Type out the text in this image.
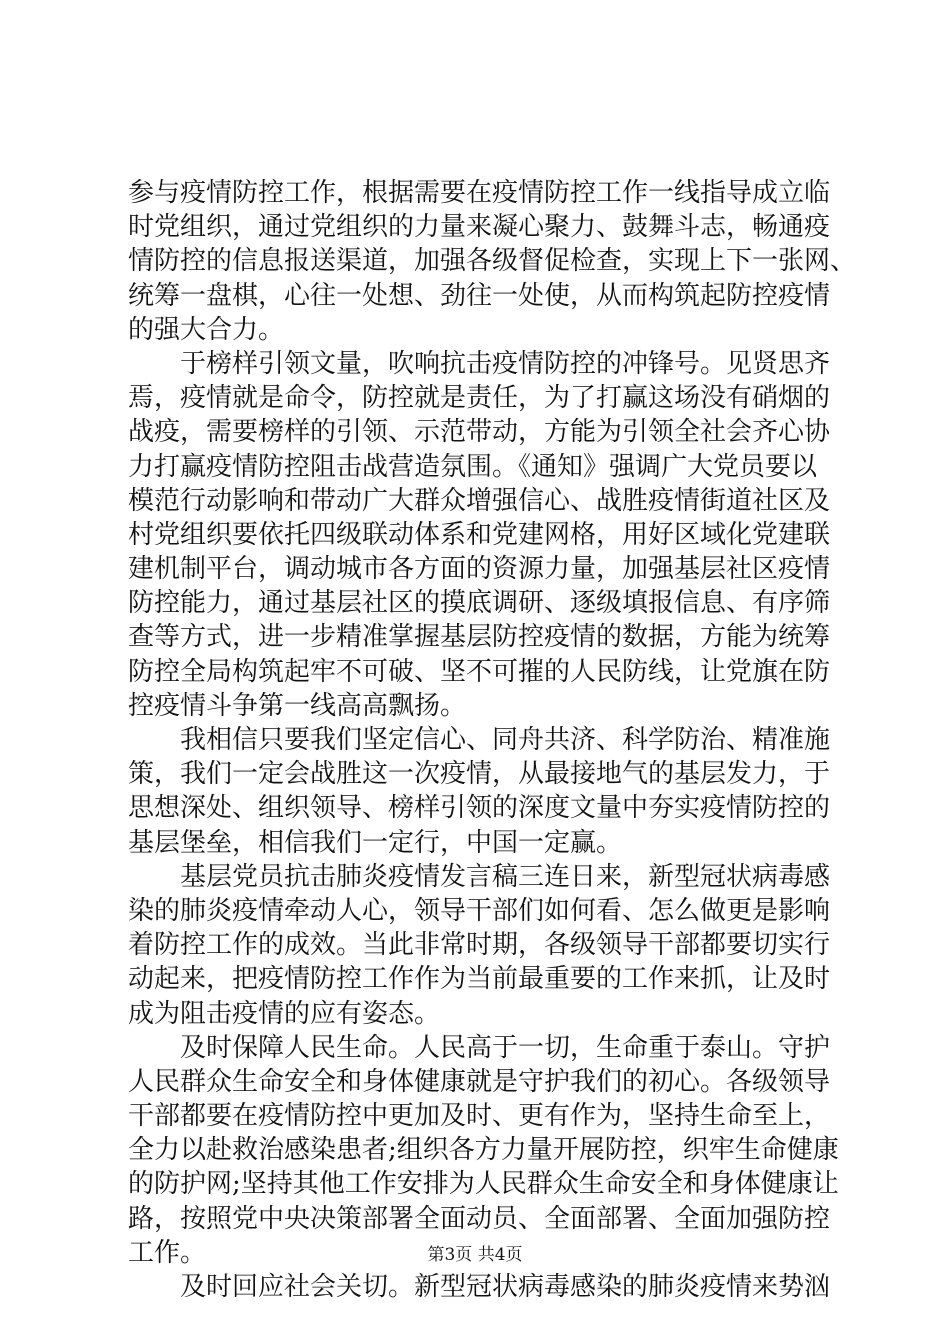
参与疫情防控工作，根据需要在疫情防控工作一线指导成立临
时党组织，通过党组织的力量来凝心聚力、鼓舞斗志，畅通疫
情防控的信息报送渠道，加强各级督促检查，实现上下一张网、
统筹一盘棋，心往一处想、劲往一处使，从而构筑起防控疫情
的强大合力。
于榜样引领文量，吹响抗击疫情防控的冲锋号。见贤思齐
焉，疫情就是命令，防控就是责任，为了打赢这场没有硝烟的
战疫，需要榜样的引领、示范带动，方能为引领全社会齐心协
力打赢疫情防控阻击战营造氛围。《通知》强调广大党员要以
模范行动影响和带动广大群众增强信心、战胜疫情街道社区及
村党组织要依托四级联动体系和党建网格，用好区域化党建联
建机制平台，调动城市各方面的资源力量，加强基层社区疫情
防控能力，通过基层社区的摸底调研、逐级填报信息、有序筛
查等方式，进一步精准掌握基层防控疫情的数据，方能为统筹
防控全局构筑起牢不可破、坚不可摧的人民防线，让党旗在防
控疫情斗争第一线高高飘扬。
我相信只要我们坚定信心、同舟共济、科学防治、精准施
策，我们一定会战胜这一次疫情，从最接地气的基层发力，于
思想深处、组织领导、榜样引领的深度文量中夯实疫情防控的
基层堡垒，相信我们一定行，中国一定赢。
基层党员抗击肺炎疫情发言稿三连日来，新型冠状病毒感
染的肺炎疫情牵动人心，领导干部们如何看、怎么做更是影响
着防控工作的成效。当此非常时期，各级领导干部都要切实行
动起来，把疫情防控工作作为当前最重要的工作来抓，让及时
成为阻击疫情的应有姿态。
及时保障人民生命。人民高于一切，生命重于泰山。守护
人民群众生命安全和身体健康就是守护我们的初心。各级领导
干部都要在疫情防控中更加及时、更有作为，坚持生命至上，
全力以赴救治感染患者;组织各方力量开展防控，织牢生命健康
的防护网;坚持其他工作安排为人民群众生命安全和身体健康让
路，按照党中央决策部署全面动员、全面部署、全面加强防控
工作。
及时回应社会关切。新型冠状病毒感染的肺炎疫情来势汹
第3页 共4页
